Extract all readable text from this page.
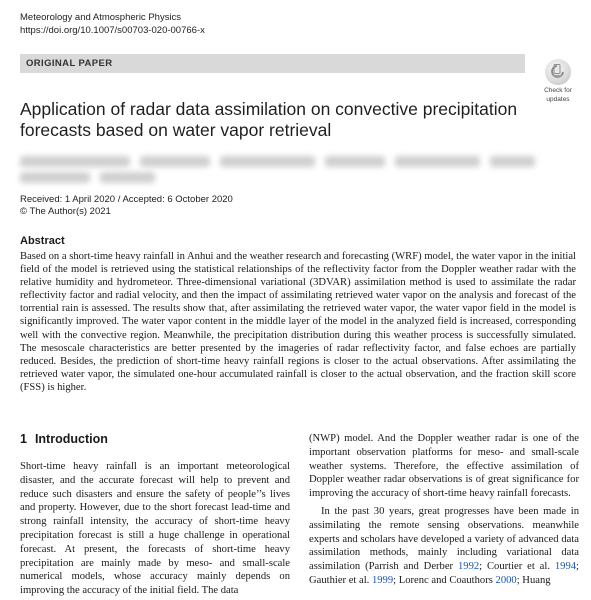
Meteorology and Atmospheric Physics
https://doi.org/10.1007/s00703-020-00766-x
ORIGINAL PAPER
Check for
updates
Application of radar data assimilation on convective precipitation forecasts based on water vapor retrieval
Received: 1 April 2020 / Accepted: 6 October 2020
© The Author(s) 2021
Abstract
Based on a short-time heavy rainfall in Anhui and the weather research and forecasting (WRF) model, the water vapor in the initial field of the model is retrieved using the statistical relationships of the reflectivity factor from the Doppler weather radar with the relative humidity and hydrometeor. Three-dimensional variational (3DVAR) assimilation method is used to assimilate the radar reflectivity factor and radial velocity, and then the impact of assimilating retrieved water vapor on the analysis and forecast of the torrential rain is assessed. The results show that, after assimilating the retrieved water vapor, the water vapor field in the model is significantly improved. The water vapor content in the middle layer of the model in the analyzed field is increased, corresponding well with the convective region. Meanwhile, the precipitation distribution during this weather process is successfully simulated. The mesoscale characteristics are better presented by the imageries of radar reflectivity factor, and false echoes are partially reduced. Besides, the prediction of short-time heavy rainfall regions is closer to the actual observations. After assimilating the retrieved water vapor, the simulated one-hour accumulated rainfall is closer to the actual observation, and the fraction skill score (FSS) is higher.
1 Introduction
Short-time heavy rainfall is an important meteorological disaster, and the accurate forecast will help to prevent and reduce such disasters and ensure the safety of people’’s lives and property. However, due to the short forecast lead-time and strong rainfall intensity, the accuracy of short-time heavy precipitation forecast is still a huge challenge in operational forecast. At present, the forecasts of short-time heavy precipitation are mainly made by meso- and small-scale numerical models, whose accuracy mainly depends on improving the accuracy of the initial field. The data

(NWP) model. And the Doppler weather radar is one of the important observation platforms for meso- and small-scale weather systems. Therefore, the effective assimilation of Doppler weather radar observations is of great significance for improving the accuracy of short-time heavy rainfall forecasts.

In the past 30 years, great progresses have been made in assimilating the remote sensing observations. meanwhile experts and scholars have developed a variety of advanced data assimilation methods, mainly including variational data assimilation (Parrish and Derber 1992; Courtier et al. 1994; Gauthier et al. 1999; Lorenc and Coauthors 2000; Huang
